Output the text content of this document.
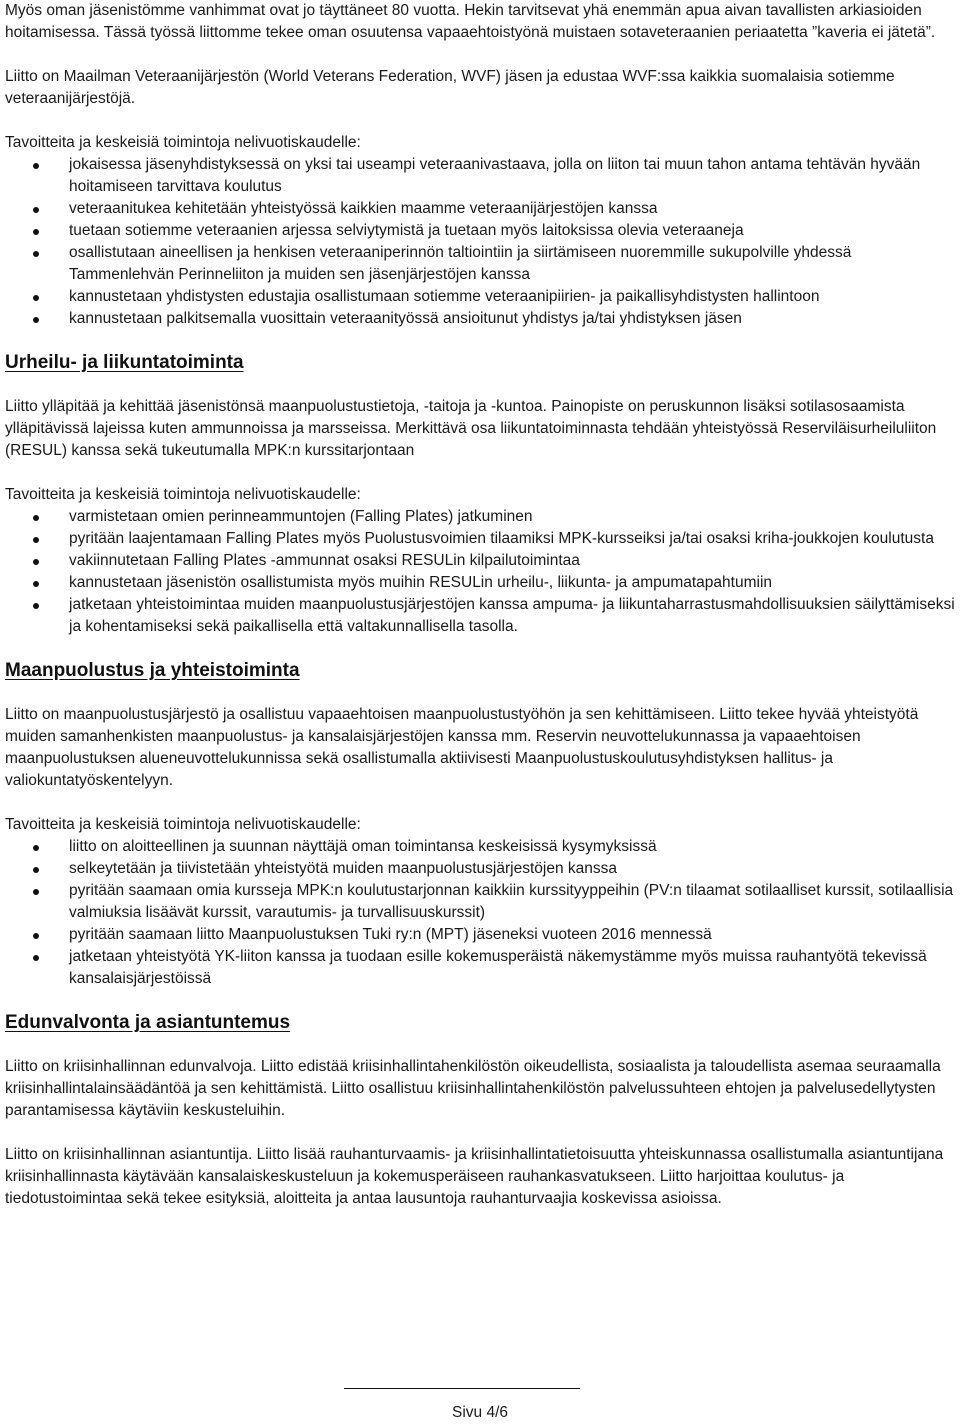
Myös oman jäsenistömme vanhimmat ovat jo täyttäneet 80 vuotta. Hekin tarvitsevat yhä enemmän apua aivan tavallisten arkiasioiden hoitamisessa. Tässä työssä liittomme tekee oman osuutensa vapaaehtoistyönä muistaen sotaveteraanien periaatetta ”kaveria ei jätetä”.

Liitto on Maailman Veteraanijärjestön (World Veterans Federation, WVF) jäsen ja edustaa WVF:ssa kaikkia suomalaisia sotiemme veteraanijärjestöjä.

Tavoitteita ja keskeisiä toimintoja nelivuotiskaudelle:

jokaisessa jäsenyhdistyksessä on yksi tai useampi veteraanivastaava, jolla on liiton tai muun tahon antama tehtävän hyvään hoitamiseen tarvittava koulutus
veteraanitukea kehitetään yhteistyössä kaikkien maamme veteraanijärjestöjen kanssa
tuetaan sotiemme veteraanien arjessa selviytymistä ja tuetaan myös laitoksissa olevia veteraaneja
osallistutaan aineellisen ja henkisen veteraaniperinnön taltiointiin ja siirtämiseen nuoremmille sukupolville yhdessä Tammenlehvän Perinneliiton ja muiden sen jäsenjärjestöjen kanssa
kannustetaan yhdistysten edustajia osallistumaan sotiemme veteraanipiirien- ja paikallisyhdistysten hallintoon
kannustetaan palkitsemalla vuosittain veteraanityössä ansioitunut yhdistys ja/tai yhdistyksen jäsen
Urheilu- ja liikuntatoiminta

Liitto ylläpitää ja kehittää jäsenistönsä maanpuolustustietoja, -taitoja ja -kuntoa. Painopiste on peruskunnon lisäksi sotilasosaamista ylläpitävissä lajeissa kuten ammunnoissa ja marsseissa. Merkittävä osa liikuntatoiminnasta tehdään yhteistyössä Reserviläisurheiluliiton (RESUL) kanssa sekä tukeutumalla MPK:n kurssitarjontaan

Tavoitteita ja keskeisiä toimintoja nelivuotiskaudelle:

varmistetaan omien perinneammuntojen (Falling Plates) jatkuminen
pyritään laajentamaan Falling Plates myös Puolustusvoimien tilaamiksi MPK-kursseiksi ja/tai osaksi kriha-joukkojen koulutusta
vakiinnutetaan Falling Plates -ammunnat osaksi RESULin kilpailutoimintaa
kannustetaan jäsenistön osallistumista myös muihin RESULin urheilu-, liikunta- ja ampumatapahtumiin
jatketaan yhteistoimintaa muiden maanpuolustusjärjestöjen kanssa ampuma- ja liikuntaharrastusmahdollisuuksien säilyttämiseksi ja kohentamiseksi sekä paikallisella että valtakunnallisella tasolla.
Maanpuolustus ja yhteistoiminta

Liitto on maanpuolustusjärjestö ja osallistuu vapaaehtoisen maanpuolustustyöhön ja sen kehittämiseen. Liitto tekee hyvää yhteistyötä muiden samanhenkisten maanpuolustus- ja kansalaisjärjestöjen kanssa mm. Reservin neuvottelukunnassa ja vapaaehtoisen maanpuolustuksen alueneuvottelukunnissa sekä osallistumalla aktiivisesti Maanpuolustuskoulutusyhdistyksen hallitus- ja valiokuntatyöskentelyyn.

Tavoitteita ja keskeisiä toimintoja nelivuotiskaudelle:

liitto on aloitteellinen ja suunnan näyttäjä oman toimintansa keskeisissä kysymyksissä
selkeytetään ja tiivistetään yhteistyötä muiden maanpuolustusjärjestöjen kanssa
pyritään saamaan omia kursseja MPK:n koulutustarjonnan kaikkiin kurssityyppeihin (PV:n tilaamat sotilaalliset kurssit, sotilaallisia valmiuksia lisäävät kurssit, varautumis- ja turvallisuuskurssit)
pyritään saamaan liitto Maanpuolustuksen Tuki ry:n (MPT) jäseneksi vuoteen 2016 mennessä
jatketaan yhteistyötä YK-liiton kanssa ja tuodaan esille kokemusperäistä näkemystämme myös muissa rauhantyötä tekevissä kansalaisjärjestöissä
Edunvalvonta ja asiantuntemus

Liitto on kriisinhallinnan edunvalvoja. Liitto edistää kriisinhallintahenkilöstön oikeudellista, sosiaalista ja taloudellista asemaa seuraamalla kriisinhallintalainsäädäntöä ja sen kehittämistä. Liitto osallistuu kriisinhallintahenkilöstön palvelussuhteen ehtojen ja palvelusedellytysten parantamisessa käytäviin keskusteluihin.

Liitto on kriisinhallinnan asiantuntija. Liitto lisää rauhanturvaamis- ja kriisinhallintatietoisuutta yhteiskunnassa osallistumalla asiantuntijana kriisinhallinnasta käytävään kansalaiskeskusteluun ja kokemusperäiseen rauhankasvatukseen. Liitto harjoittaa koulutus- ja tiedotustoimintaa sekä tekee esityksiä, aloitteita ja antaa lausuntoja rauhanturvaajia koskevissa asioissa.

Sivu 4/6
